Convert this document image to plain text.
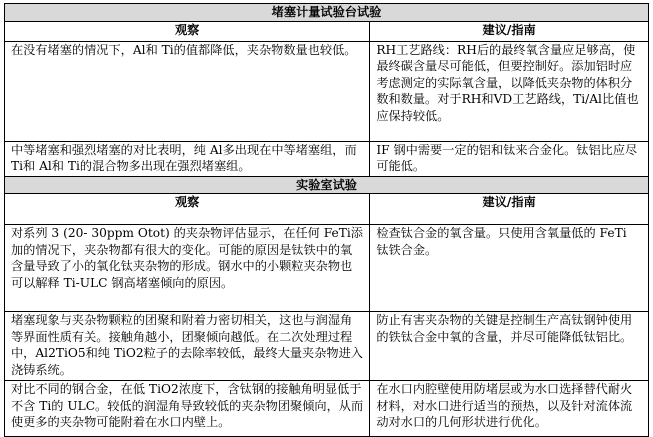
堵塞计量试验台试验	
观察	建议/指南
在没有堵塞的情况下，Al和 Ti的值都降低，夹杂物数量也较低。	RH工艺路线：RH后的最终氧含量应足够高，使最终碳含量尽可能低，但要控制好。添加铝时应考虑测定的实际氧含量，以降低夹杂物的体积分数和数量。对于RH和VD工艺路线，Ti/Al比值也应保持较低。
中等堵塞和强烈堵塞的对比表明，纯 Al多出现在中等堵塞组，而 Ti和 Al和 Ti的混合物多出现在强烈堵塞组。	IF 钢中需要一定的铝和钛来合金化。钛铝比应尽可能低。
实验室试验	
观察	建议/指南
对系列 3 (20- 30ppm Otot) 的夹杂物评估显示，在任何 FeTi添加的情况下，夹杂物都有很大的变化。可能的原因是钛铁中的氧含量导致了小的氧化钛夹杂物的形成。钢水中的小颗粒夹杂物也可以解释 Ti-ULC 钢高堵塞倾向的原因。	检查钛合金的氧含量。只使用含氧量低的 FeTi 钛铁合金。
堵塞现象与夹杂物颗粒的团聚和附着力密切相关，这也与润湿角等界面性质有关。接触角越小，团聚倾向越低。在二次处理过程中，Al2TiO5和纯 TiO2粒子的去除率较低，最终大量夹杂物进入浇铸系统。	防止有害夹杂物的关键是控制生产高钛钢钟使用的铁钛合金中氧的含量，并尽可能降低钛铝比。
对比不同的钢合金，在低 TiO2浓度下，含钛钢的接触角明显低于不含 Ti的 ULC。较低的润湿角导致较低的夹杂物团聚倾向，从而使更多的夹杂物可能附着在水口内壁上。	在水口内腔壁使用防堵层或为水口选择替代耐火材料，对水口进行适当的预热，以及针对流体流动对水口的几何形状进行优化。
